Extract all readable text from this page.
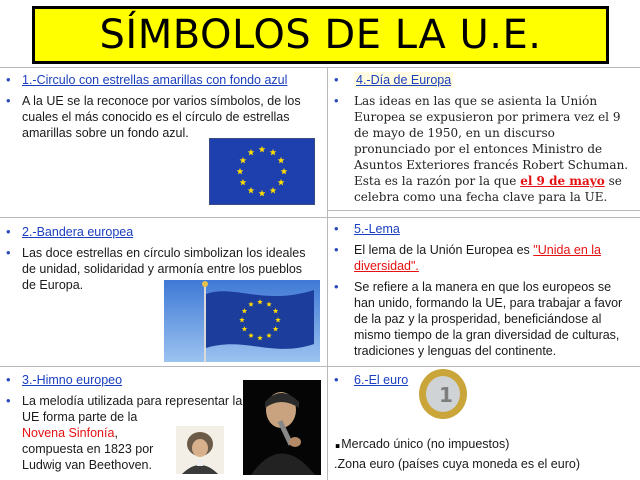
SÍMBOLOS DE LA U.E.
• 1.-Circulo con estrellas amarillas con fondo azul
• A la UE se la reconoce por varios símbolos, de los cuales el más conocido es el círculo de estrellas amarillas sobre un fondo azul.
• 2.-Bandera europea
• Las doce estrellas en círculo simbolizan los ideales de unidad, solidaridad y armonía entre los pueblos de Europa.
• 3.-Himno europeo
• La melodía utilizada para representar la UE forma parte de la Novena Sinfonía, compuesta en 1823 por Ludwig van Beethoven.
•	4.-Día de Europa
•	Las ideas en las que se asienta la Unión Europea se expusieron por primera vez el 9 de mayo de 1950, en un discurso pronunciado por el entonces Ministro de Asuntos Exteriores francés Robert Schuman. Esta es la razón por la que el 9 de mayo se celebra como una fecha clave para la UE.
•	5.-Lema
•	El lema de la Unión Europea es "Unida en la diversidad".
•	Se refiere a la manera en que los europeos se han unido, formando la UE, para trabajar a favor de la paz y la prosperidad, beneficiándose al mismo tiempo de la gran diversidad de culturas, tradiciones y lenguas del continente.
•	6.-El euro
1
. Mercado único (no impuestos)
. Zona euro (países cuya moneda es el euro)
